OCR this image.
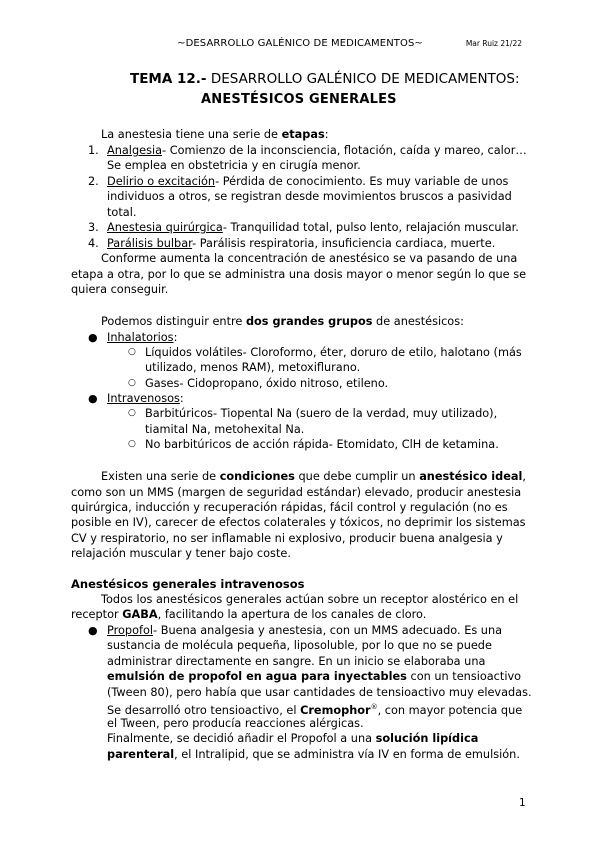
~DESARROLLO GALÉNICO DE MEDICAMENTOS~	Mar Ruiz 21/22
TEMA 12.- DESARROLLO GALÉNICO DE MEDICAMENTOS:
ANESTÉSICOS GENERALES
La anestesia tiene una serie de etapas:
1. Analgesia- Comienzo de la inconsciencia, flotación, caída y mareo, calor…
Se emplea en obstetricia y en cirugía menor.
2. Delirio o excitación- Pérdida de conocimiento. Es muy variable de unos
individuos a otros, se registran desde movimientos bruscos a pasividad
total.
3. Anestesia quirúrgica- Tranquilidad total, pulso lento, relajación muscular.
4. Parálisis bulbar- Parálisis respiratoria, insuficiencia cardiaca, muerte.
Conforme aumenta la concentración de anestésico se va pasando de una
etapa a otra, por lo que se administra una dosis mayor o menor según lo que se
quiera conseguir.
Podemos distinguir entre dos grandes grupos de anestésicos:
● Inhalatorios:
○ Líquidos volátiles- Cloroformo, éter, doruro de etilo, halotano (más
utilizado, menos RAM), metoxiflurano.
○ Gases- Cidopropano, óxido nitroso, etileno.
● Intravenosos:
○ Barbitúricos- Tiopental Na (suero de la verdad, muy utilizado),
tiamital Na, metohexital Na.
○ No barbitúricos de acción rápida- Etomidato, ClH de ketamina.
Existen una serie de condiciones que debe cumplir un anestésico ideal,
como son un MMS (margen de seguridad estándar) elevado, producir anestesia
quirúrgica, inducción y recuperación rápidas, fácil control y regulación (no es
posible en IV), carecer de efectos colaterales y tóxicos, no deprimir los sistemas
CV y respiratorio, no ser inflamable ni explosivo, producir buena analgesia y
relajación muscular y tener bajo coste.
Anestésicos generales intravenosos
Todos los anestésicos generales actúan sobre un receptor alostérico en el
receptor GABA, facilitando la apertura de los canales de cloro.
● Propofol- Buena analgesia y anestesia, con un MMS adecuado. Es una
sustancia de molécula pequeña, liposoluble, por lo que no se puede
administrar directamente en sangre. En un inicio se elaboraba una
emulsión de propofol en agua para inyectables con un tensioactivo
(Tween 80), pero había que usar cantidades de tensioactivo muy elevadas.
Se desarrolló otro tensioactivo, el Cremophor®, con mayor potencia que
el Tween, pero producía reacciones alérgicas.
Finalmente, se decidió añadir el Propofol a una solución lipídica
parenteral, el Intralipid, que se administra vía IV en forma de emulsión.
1
